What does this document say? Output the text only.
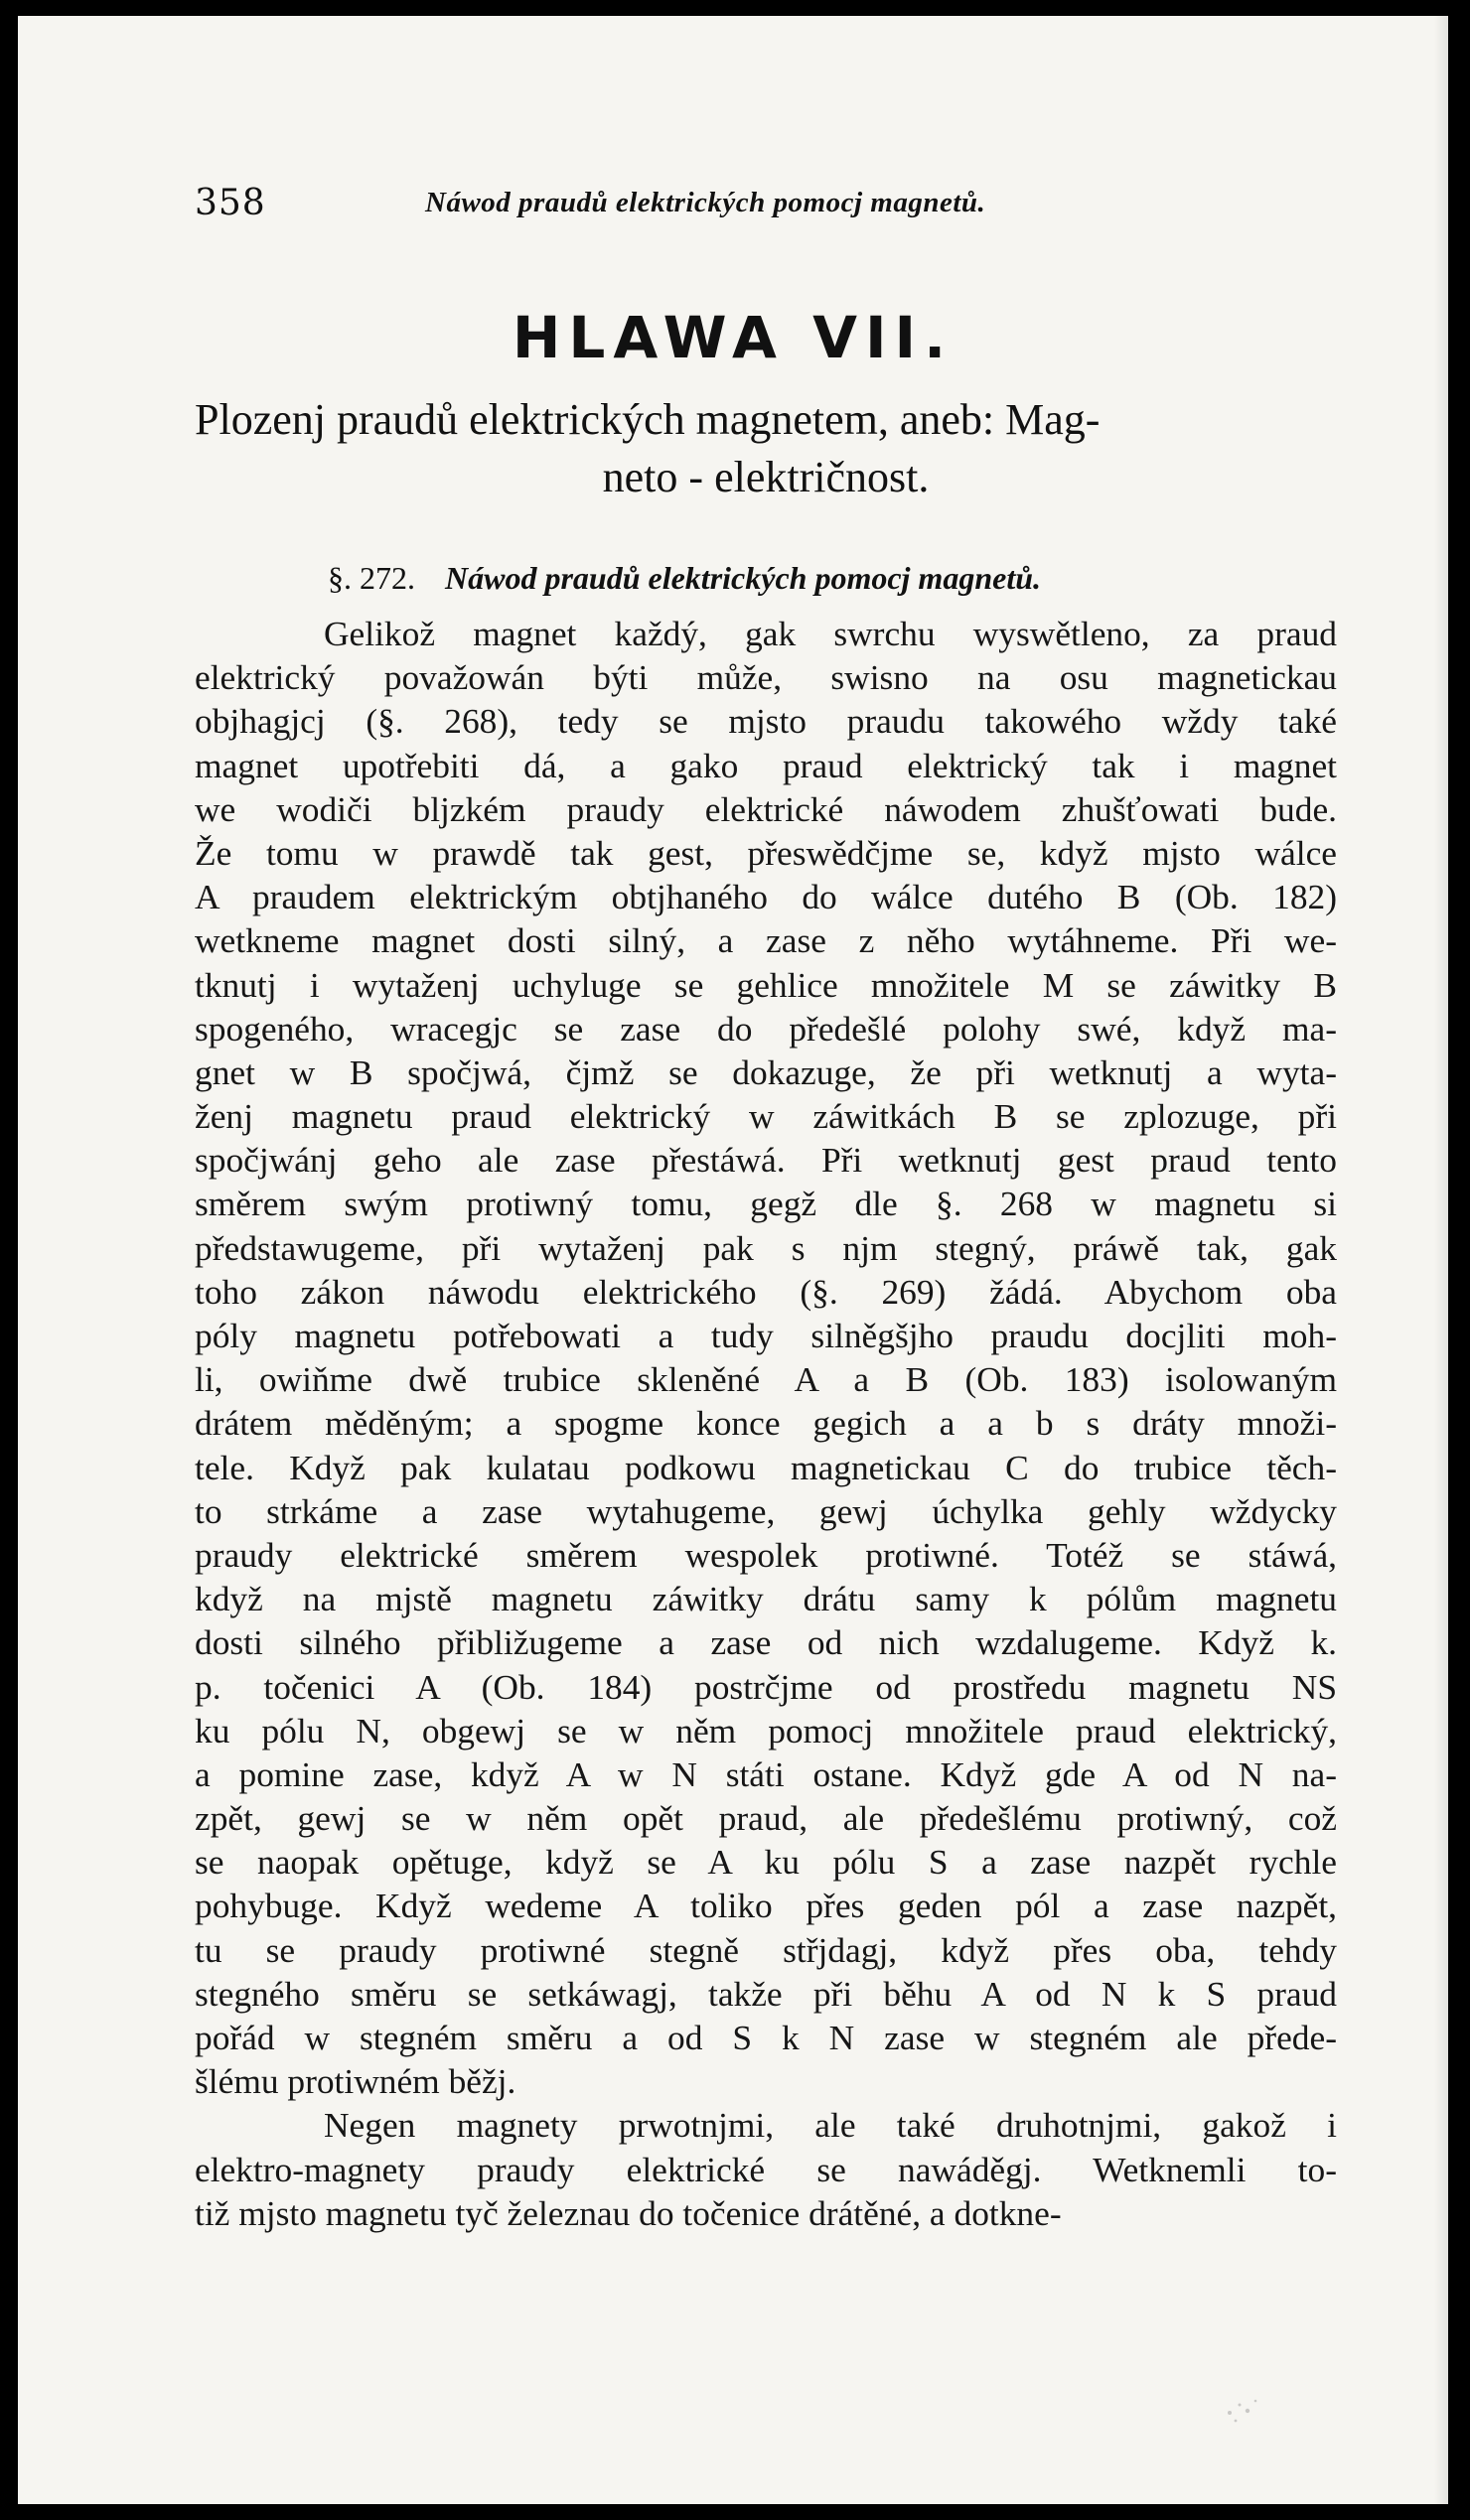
358	Náwod praudů elektrických pomocj magnetů.
HLAWA VII.
Plozenj praudů elektrických magnetem, aneb: Mag-
neto - električnost.
§. 272. Náwod praudů elektrických pomocj magnetů.
Gelikož magnet každý, gak swrchu wyswětleno, za praud
elektrický považowán býti může, swisno na osu magnetickau
objhagjcj (§. 268), tedy se mjsto praudu takowého wždy také
magnet upotřebiti dá, a gako praud elektrický tak i magnet
we wodiči bljzkém praudy elektrické náwodem zhušťowati bude.
Že tomu w prawdě tak gest, přeswědčjme se, když mjsto wálce
A praudem elektrickým obtjhaného do wálce dutého B (Ob. 182)
wetkneme magnet dosti silný, a zase z něho wytáhneme. Při we-
tknutj i wytaženj uchyluge se gehlice množitele M se záwitky B
spogeného, wracegjc se zase do předešlé polohy swé, když ma-
gnet w B spočjwá, čjmž se dokazuge, že při wetknutj a wyta-
ženj magnetu praud elektrický w záwitkách B se zplozuge, při
spočjwánj geho ale zase přestáwá. Při wetknutj gest praud tento
směrem swým protiwný tomu, gegž dle §. 268 w magnetu si
předstawugeme, při wytaženj pak s njm stegný, práwě tak, gak
toho zákon náwodu elektrického (§. 269) žádá. Abychom oba
póly magnetu potřebowati a tudy silněgšjho praudu docjliti moh-
li, owiňme dwě trubice skleněné A a B (Ob. 183) isolowaným
drátem měděným; a spogme konce gegich a a b s dráty množi-
tele. Když pak kulatau podkowu magnetickau C do trubice těch-
to strkáme a zase wytahugeme, gewj úchylka gehly wždycky
praudy elektrické směrem wespolek protiwné. Totéž se stáwá,
když na mjstě magnetu záwitky drátu samy k pólům magnetu
dosti silného přibližugeme a zase od nich wzdalugeme. Když k.
p. točenici A (Ob. 184) postrčjme od prostředu magnetu NS
ku pólu N, obgewj se w něm pomocj množitele praud elektrický,
a pomine zase, když A w N státi ostane. Když gde A od N na-
zpět, gewj se w něm opět praud, ale předešlému protiwný, což
se naopak opětuge, když se A ku pólu S a zase nazpět rychle
pohybuge. Když wedeme A toliko přes geden pól a zase nazpět,
tu se praudy protiwné stegně střjdagj, když přes oba, tehdy
stegného směru se setkáwagj, takže při běhu A od N k S praud
pořád w stegném směru a od S k N zase w stegném ale přede-
šlému protiwném běžj.
Negen magnety prwotnjmi, ale také druhotnjmi, gakož i
elektro-magnety praudy elektrické se nawáděgj. Wetknemli to-
tiž mjsto magnetu tyč železnau do točenice drátěné, a dotkne-
